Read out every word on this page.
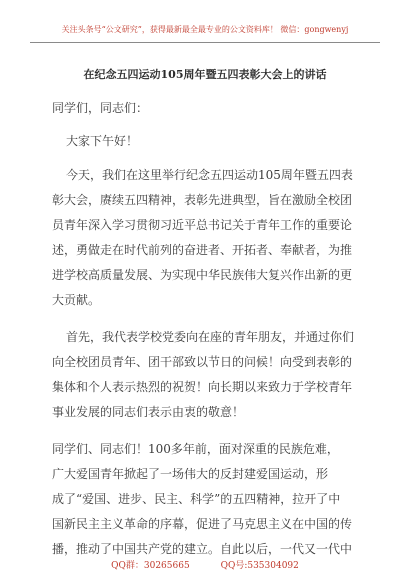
关注头条号“公文研究”，获得最新最全最专业的公文资料库！ 微信：gongwenyj
在纪念五四运动105周年暨五四表彰大会上的讲话
同学们，同志们：
大家下午好！
今天，我们在这里举行纪念五四运动105周年暨五四表
彰大会，赓续五四精神，表彰先进典型，旨在激励全校团
员青年深入学习贯彻习近平总书记关于青年工作的重要论
述，勇做走在时代前列的奋进者、开拓者、奉献者，为推
进学校高质量发展、为实现中华民族伟大复兴作出新的更
大贡献。
首先，我代表学校党委向在座的青年朋友，并通过你们
向全校团员青年、团干部致以节日的问候！向受到表彰的
集体和个人表示热烈的祝贺！向长期以来致力于学校青年
事业发展的同志们表示由衷的敬意！
同学们、同志们！100多年前，面对深重的民族危难，
广大爱国青年掀起了一场伟大的反封建爱国运动，形
成了“爱国、进步、民主、科学”的五四精神，拉开了中
国新民主主义革命的序幕，促进了马克思主义在中国的传
播，推动了中国共产党的建立。自此以后，一代又一代中
QQ群：30265665	QQ号:535304092
